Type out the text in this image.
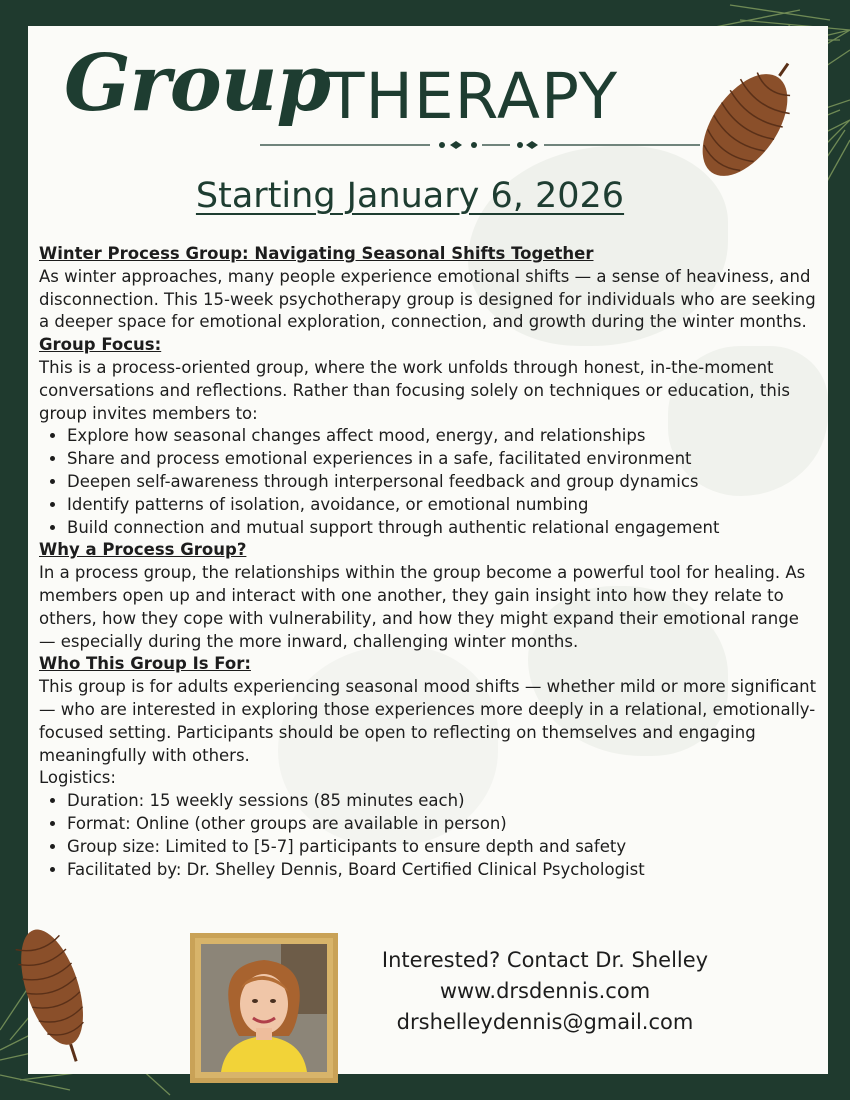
Group
THERAPY
Starting January 6, 2026

Winter Process Group: Navigating Seasonal Shifts Together

As winter approaches, many people experience emotional shifts — a sense of heaviness, and disconnection. This 15-week psychotherapy group is designed for individuals who are seeking a deeper space for emotional exploration, connection, and growth during the winter months.

Group Focus:

This is a process-oriented group, where the work unfolds through honest, in-the-moment conversations and reflections. Rather than focusing solely on techniques or education, this group invites members to:

• Explore how seasonal changes affect mood, energy, and relationships
• Share and process emotional experiences in a safe, facilitated environment
• Deepen self-awareness through interpersonal feedback and group dynamics
• Identify patterns of isolation, avoidance, or emotional numbing
• Build connection and mutual support through authentic relational engagement

Why a Process Group?

In a process group, the relationships within the group become a powerful tool for healing. As members open up and interact with one another, they gain insight into how they relate to others, how they cope with vulnerability, and how they might expand their emotional range — especially during the more inward, challenging winter months.

Who This Group Is For:

This group is for adults experiencing seasonal mood shifts — whether mild or more significant — who are interested in exploring those experiences more deeply in a relational, emotionally-focused setting. Participants should be open to reflecting on themselves and engaging meaningfully with others.

Logistics:

• Duration: 15 weekly sessions (85 minutes each)
• Format: Online (other groups are available in person)
• Group size: Limited to [5-7] participants to ensure depth and safety
• Facilitated by: Dr. Shelley Dennis, Board Certified Clinical Psychologist
Interested? Contact Dr. Shelley
www.drsdennis.com
drshelleydennis@gmail.com
